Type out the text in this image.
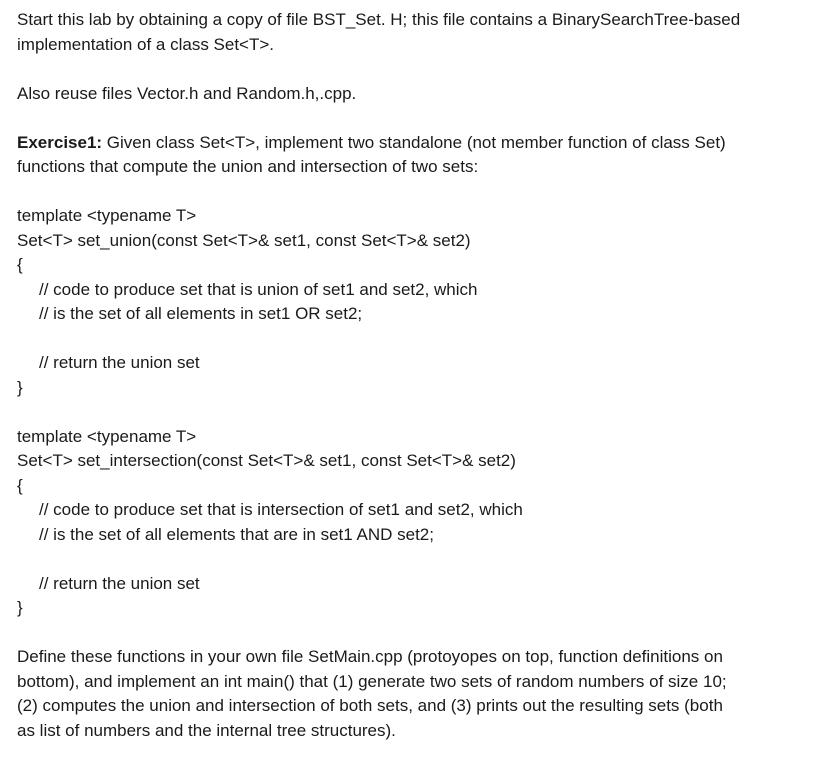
Start this lab by obtaining a copy of file BST_Set. H; this file contains a BinarySearchTree-based
implementation of a class Set<T>.
Also reuse files Vector.h and Random.h,.cpp.
Exercise1: Given class Set<T>, implement two standalone (not member function of class Set)
functions that compute the union and intersection of two sets:
template <typename T>
Set<T> set_union(const Set<T>& set1, const Set<T>& set2)
{
// code to produce set that is union of set1 and set2, which
// is the set of all elements in set1 OR set2;
// return the union set
}
template <typename T>
Set<T> set_intersection(const Set<T>& set1, const Set<T>& set2)
{
// code to produce set that is intersection of set1 and set2, which
// is the set of all elements that are in set1 AND set2;
// return the union set
}
Define these functions in your own file SetMain.cpp (protoyopes on top, function definitions on
bottom), and implement an int main() that (1) generate two sets of random numbers of size 10;
(2) computes the union and intersection of both sets, and (3) prints out the resulting sets (both
as list of numbers and the internal tree structures).
